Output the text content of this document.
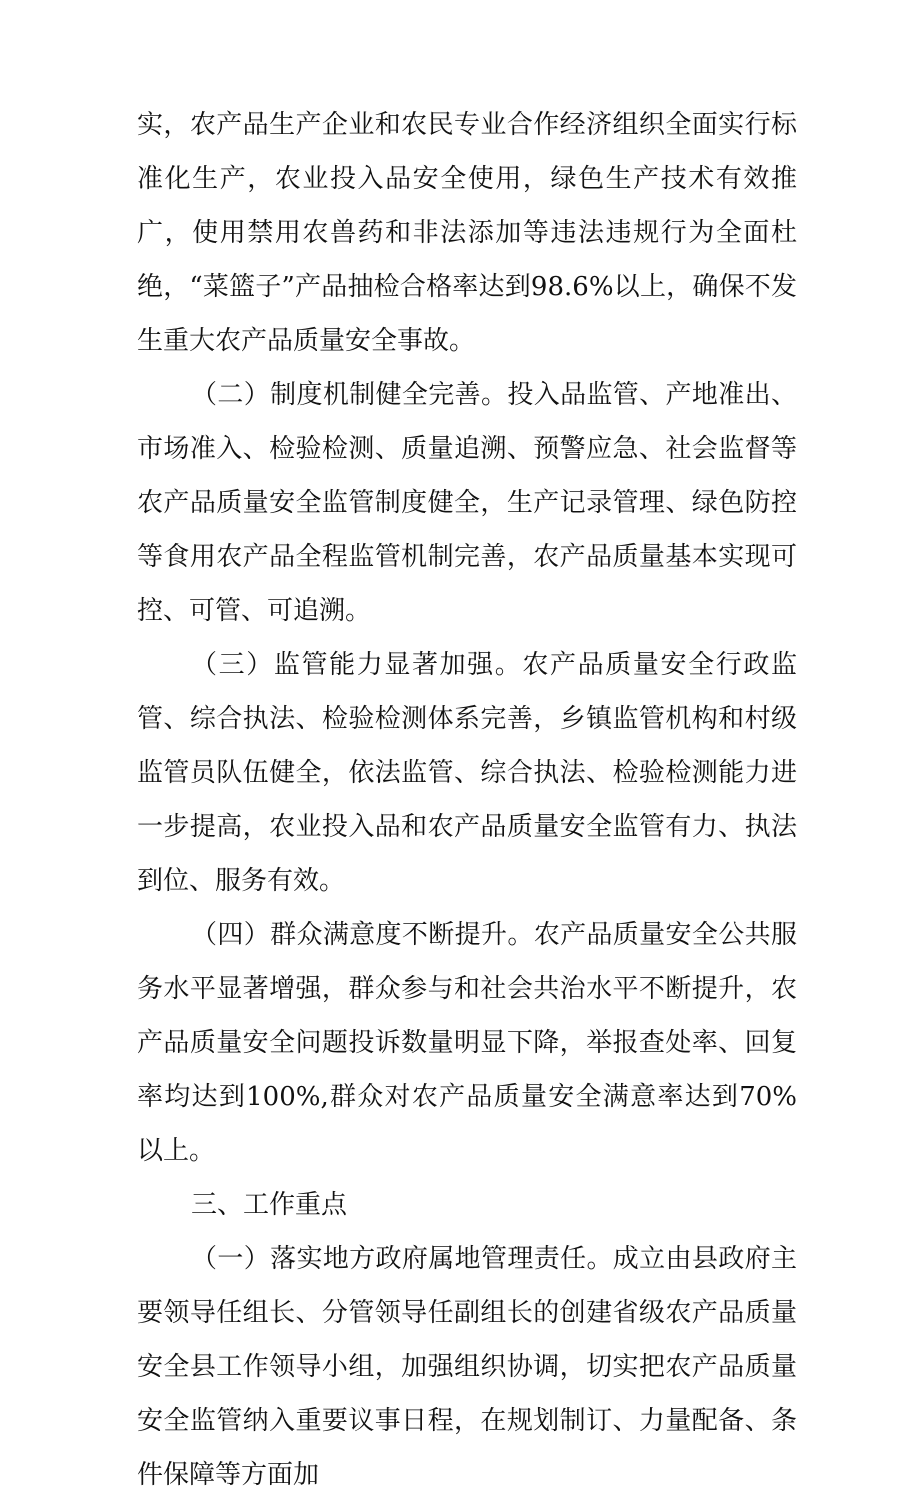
实，农产品生产企业和农民专业合作经济组织全面实行标准化生产，农业投入品安全使用，绿色生产技术有效推广，使用禁用农兽药和非法添加等违法违规行为全面杜绝，“菜篮子”产品抽检合格率达到98.6%以上，确保不发生重大农产品质量安全事故。

（二）制度机制健全完善。投入品监管、产地准出、市场准入、检验检测、质量追溯、预警应急、社会监督等农产品质量安全监管制度健全，生产记录管理、绿色防控等食用农产品全程监管机制完善，农产品质量基本实现可控、可管、可追溯。

（三）监管能力显著加强。农产品质量安全行政监管、综合执法、检验检测体系完善，乡镇监管机构和村级监管员队伍健全，依法监管、综合执法、检验检测能力进一步提高，农业投入品和农产品质量安全监管有力、执法到位、服务有效。

（四）群众满意度不断提升。农产品质量安全公共服务水平显著增强，群众参与和社会共治水平不断提升，农产品质量安全问题投诉数量明显下降，举报查处率、回复率均达到100%,群众对农产品质量安全满意率达到70%以上。

三、工作重点

（一）落实地方政府属地管理责任。成立由县政府主要领导任组长、分管领导任副组长的创建省级农产品质量安全县工作领导小组，加强组织协调，切实把农产品质量安全监管纳入重要议事日程，在规划制订、力量配备、条件保障等方面加
